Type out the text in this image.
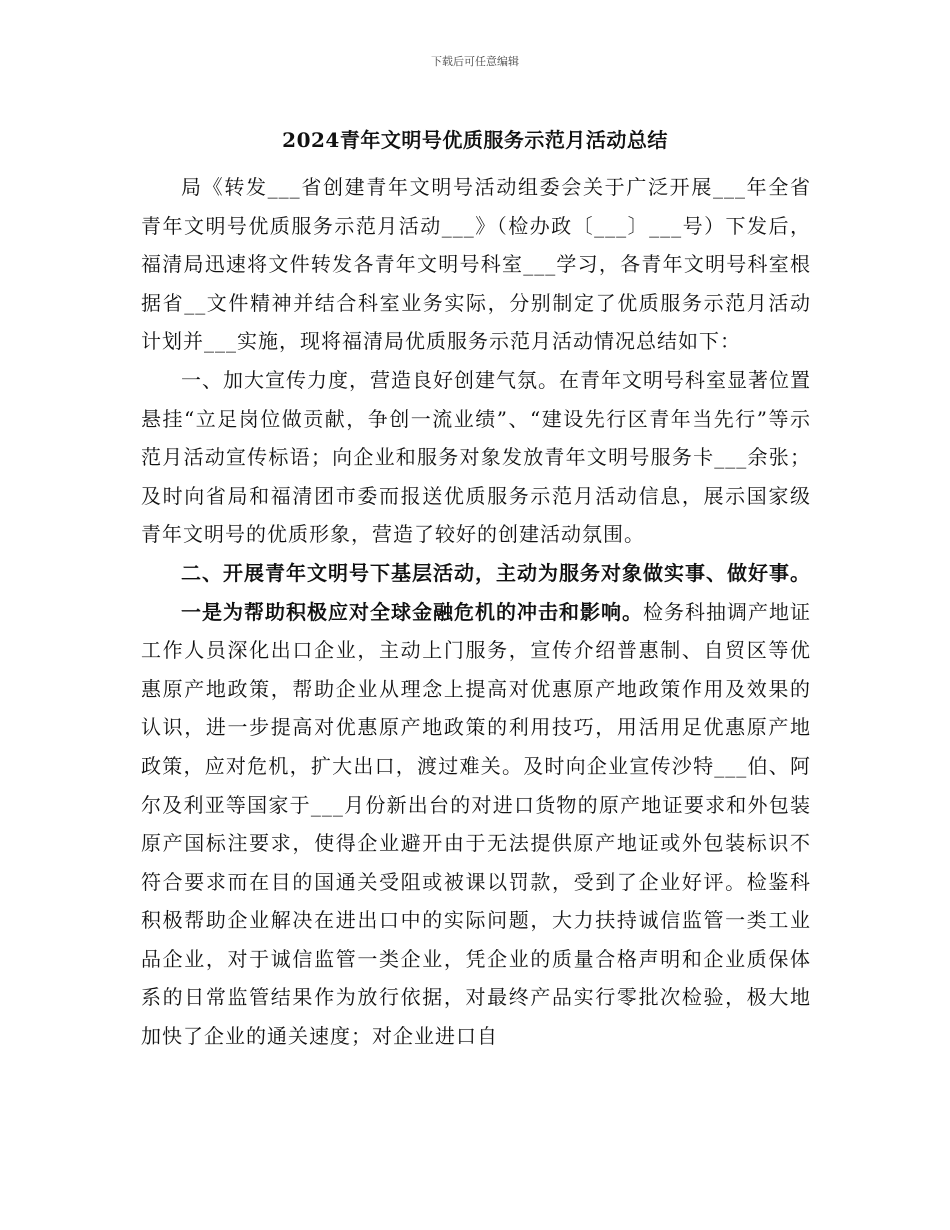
下载后可任意编辑
2024青年文明号优质服务示范月活动总结

局《转发___省创建青年文明号活动组委会关于广泛开展___年全省青年文明号优质服务示范月活动___》（检办政〔___〕___号）下发后，福清局迅速将文件转发各青年文明号科室___学习，各青年文明号科室根据省__文件精神并结合科室业务实际，分别制定了优质服务示范月活动计划并___实施，现将福清局优质服务示范月活动情况总结如下：

一、加大宣传力度，营造良好创建气氛。在青年文明号科室显著位置悬挂“立足岗位做贡献，争创一流业绩”、“建设先行区青年当先行”等示范月活动宣传标语；向企业和服务对象发放青年文明号服务卡___余张；及时向省局和福清团市委而报送优质服务示范月活动信息，展示国家级青年文明号的优质形象，营造了较好的创建活动氛围。

二、开展青年文明号下基层活动，主动为服务对象做实事、做好事。

一是为帮助积极应对全球金融危机的冲击和影响。检务科抽调产地证工作人员深化出口企业，主动上门服务，宣传介绍普惠制、自贸区等优惠原产地政策，帮助企业从理念上提高对优惠原产地政策作用及效果的认识，进一步提高对优惠原产地政策的利用技巧，用活用足优惠原产地政策，应对危机，扩大出口，渡过难关。及时向企业宣传沙特___伯、阿尔及利亚等国家于___月份新出台的对进口货物的原产地证要求和外包装原产国标注要求，使得企业避开由于无法提供原产地证或外包装标识不符合要求而在目的国通关受阻或被课以罚款，受到了企业好评。检鉴科积极帮助企业解决在进出口中的实际问题，大力扶持诚信监管一类工业品企业，对于诚信监管一类企业，凭企业的质量合格声明和企业质保体系的日常监管结果作为放行依据，对最终产品实行零批次检验，极大地加快了企业的通关速度；对企业进口自
